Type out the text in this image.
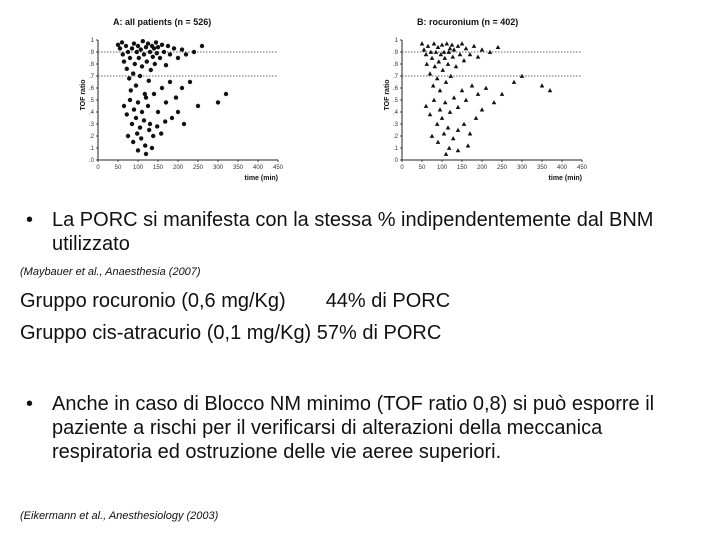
A: all patients (n = 526)
.0
.1
.2
.3
.4
.5
.6
.7
.8
.9
1
0 50 100 150 200 250 300 350 400 450
time (min)
TOF ratio
B: rocuronium (n = 402)
0
.1
.2
.3
.4
.5
.6
.7
.8
.9
1
0 50 100 150 200 250 300 350 400 450
time (min)
TOF ratio
• La PORC si manifesta con la stessa % indipendentemente dal BNM utilizzato
(Maybauer et al., Anaesthesia (2007)
Gruppo rocuronio (0,6 mg/Kg) 44% di PORC
Gruppo cis-atracurio (0,1 mg/Kg) 57% di PORC
• Anche in caso di Blocco NM minimo (TOF ratio 0,8) si può esporre il paziente a rischi per il verificarsi di alterazioni della meccanica respiratoria ed ostruzione delle vie aeree superiori.
(Eikermann et al., Anesthesiology (2003)
